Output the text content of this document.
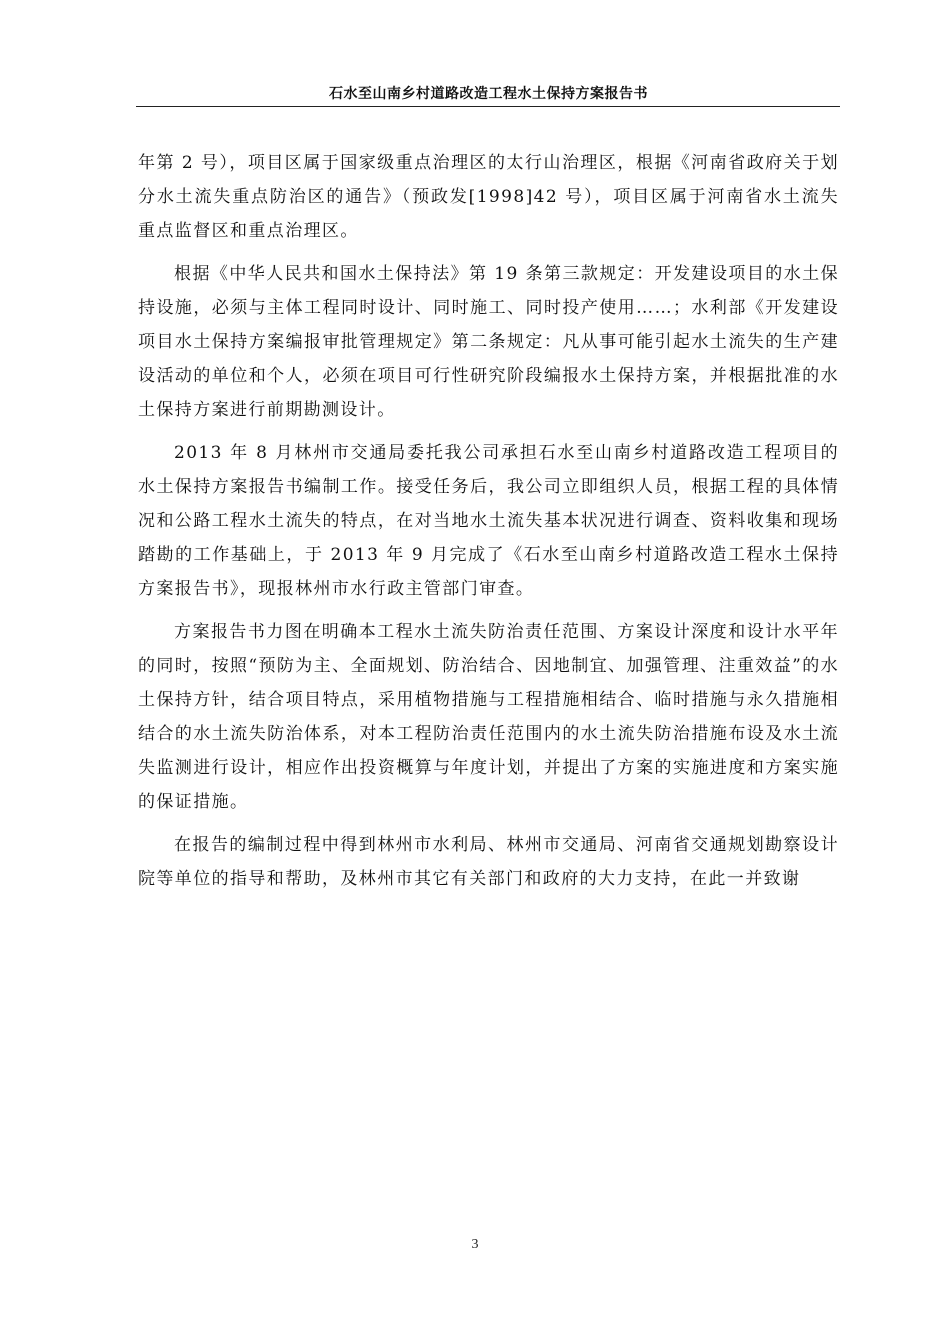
石水至山南乡村道路改造工程水土保持方案报告书

年第 2 号），项目区属于国家级重点治理区的太行山治理区，根据《河南省政府关于划分水土流失重点防治区的通告》（预政发[1998]42 号），项目区属于河南省水土流失重点监督区和重点治理区。

根据《中华人民共和国水土保持法》第 19 条第三款规定：开发建设项目的水土保持设施，必须与主体工程同时设计、同时施工、同时投产使用……；水利部《开发建设项目水土保持方案编报审批管理规定》第二条规定：凡从事可能引起水土流失的生产建设活动的单位和个人，必须在项目可行性研究阶段编报水土保持方案，并根据批准的水土保持方案进行前期勘测设计。

2013 年 8 月林州市交通局委托我公司承担石水至山南乡村道路改造工程项目的水土保持方案报告书编制工作。接受任务后，我公司立即组织人员，根据工程的具体情况和公路工程水土流失的特点，在对当地水土流失基本状况进行调查、资料收集和现场踏勘的工作基础上，于 2013 年 9 月完成了《石水至山南乡村道路改造工程水土保持方案报告书》，现报林州市水行政主管部门审查。

方案报告书力图在明确本工程水土流失防治责任范围、方案设计深度和设计水平年的同时，按照“预防为主、全面规划、防治结合、因地制宜、加强管理、注重效益”的水土保持方针，结合项目特点，采用植物措施与工程措施相结合、临时措施与永久措施相结合的水土流失防治体系，对本工程防治责任范围内的水土流失防治措施布设及水土流失监测进行设计，相应作出投资概算与年度计划，并提出了方案的实施进度和方案实施的保证措施。

在报告的编制过程中得到林州市水利局、林州市交通局、河南省交通规划勘察设计院等单位的指导和帮助，及林州市其它有关部门和政府的大力支持，在此一并致谢

3
